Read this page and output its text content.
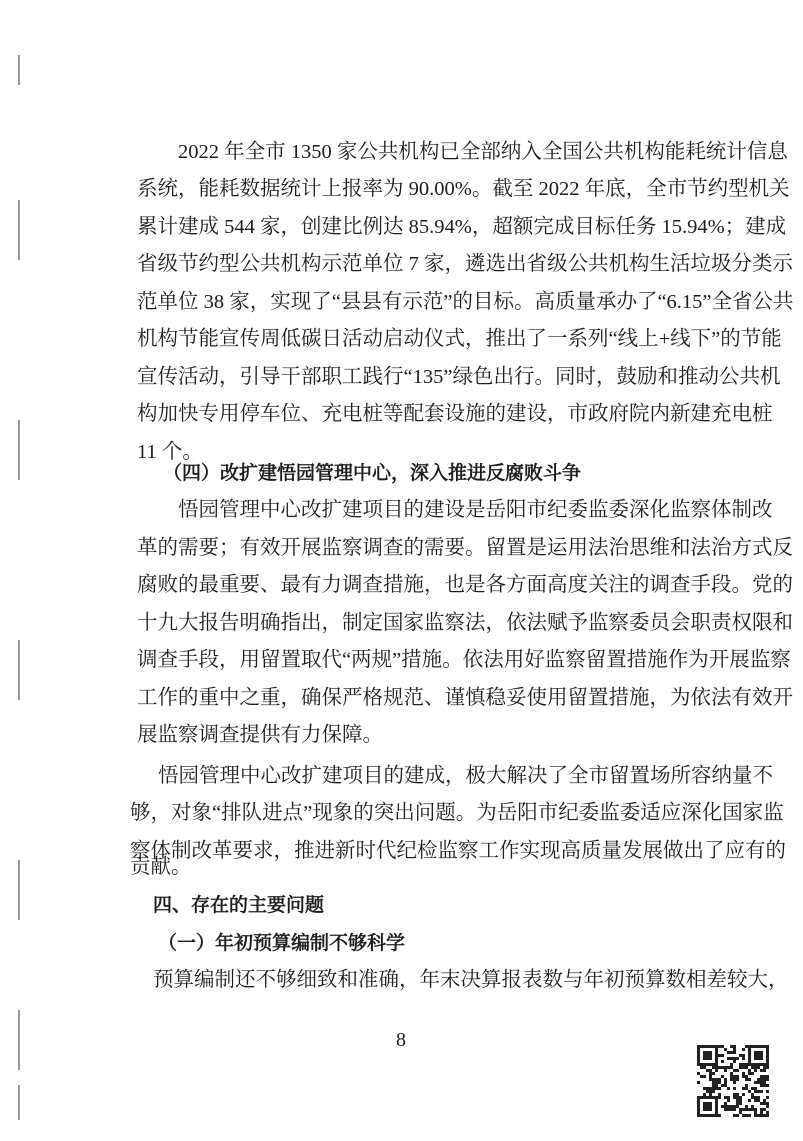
2022 年全市 1350 家公共机构已全部纳入全国公共机构能耗统计信息
系统，能耗数据统计上报率为 90.00%。截至 2022 年底，全市节约型机关
累计建成 544 家，创建比例达 85.94%，超额完成目标任务 15.94%；建成
省级节约型公共机构示范单位 7 家，遴选出省级公共机构生活垃圾分类示
范单位 38 家，实现了“县县有示范”的目标。高质量承办了“6.15”全省公共
机构节能宣传周低碳日活动启动仪式，推出了一系列“线上+线下”的节能
宣传活动，引导干部职工践行“135”绿色出行。同时，鼓励和推动公共机
构加快专用停车位、充电桩等配套设施的建设，市政府院内新建充电桩
11 个。
（四）改扩建悟园管理中心，深入推进反腐败斗争
悟园管理中心改扩建项目的建设是岳阳市纪委监委深化监察体制改
革的需要；有效开展监察调查的需要。留置是运用法治思维和法治方式反
腐败的最重要、最有力调查措施，也是各方面高度关注的调查手段。党的
十九大报告明确指出，制定国家监察法，依法赋予监察委员会职责权限和
调查手段，用留置取代“两规”措施。依法用好监察留置措施作为开展监察
工作的重中之重，确保严格规范、谨慎稳妥使用留置措施，为依法有效开
展监察调查提供有力保障。
悟园管理中心改扩建项目的建成，极大解决了全市留置场所容纳量不
够，对象“排队进点”现象的突出问题。为岳阳市纪委监委适应深化国家监
察体制改革要求，推进新时代纪检监察工作实现高质量发展做出了应有的
贡献。
四、存在的主要问题
（一）年初预算编制不够科学
预算编制还不够细致和准确，年末决算报表数与年初预算数相差较大，
8
